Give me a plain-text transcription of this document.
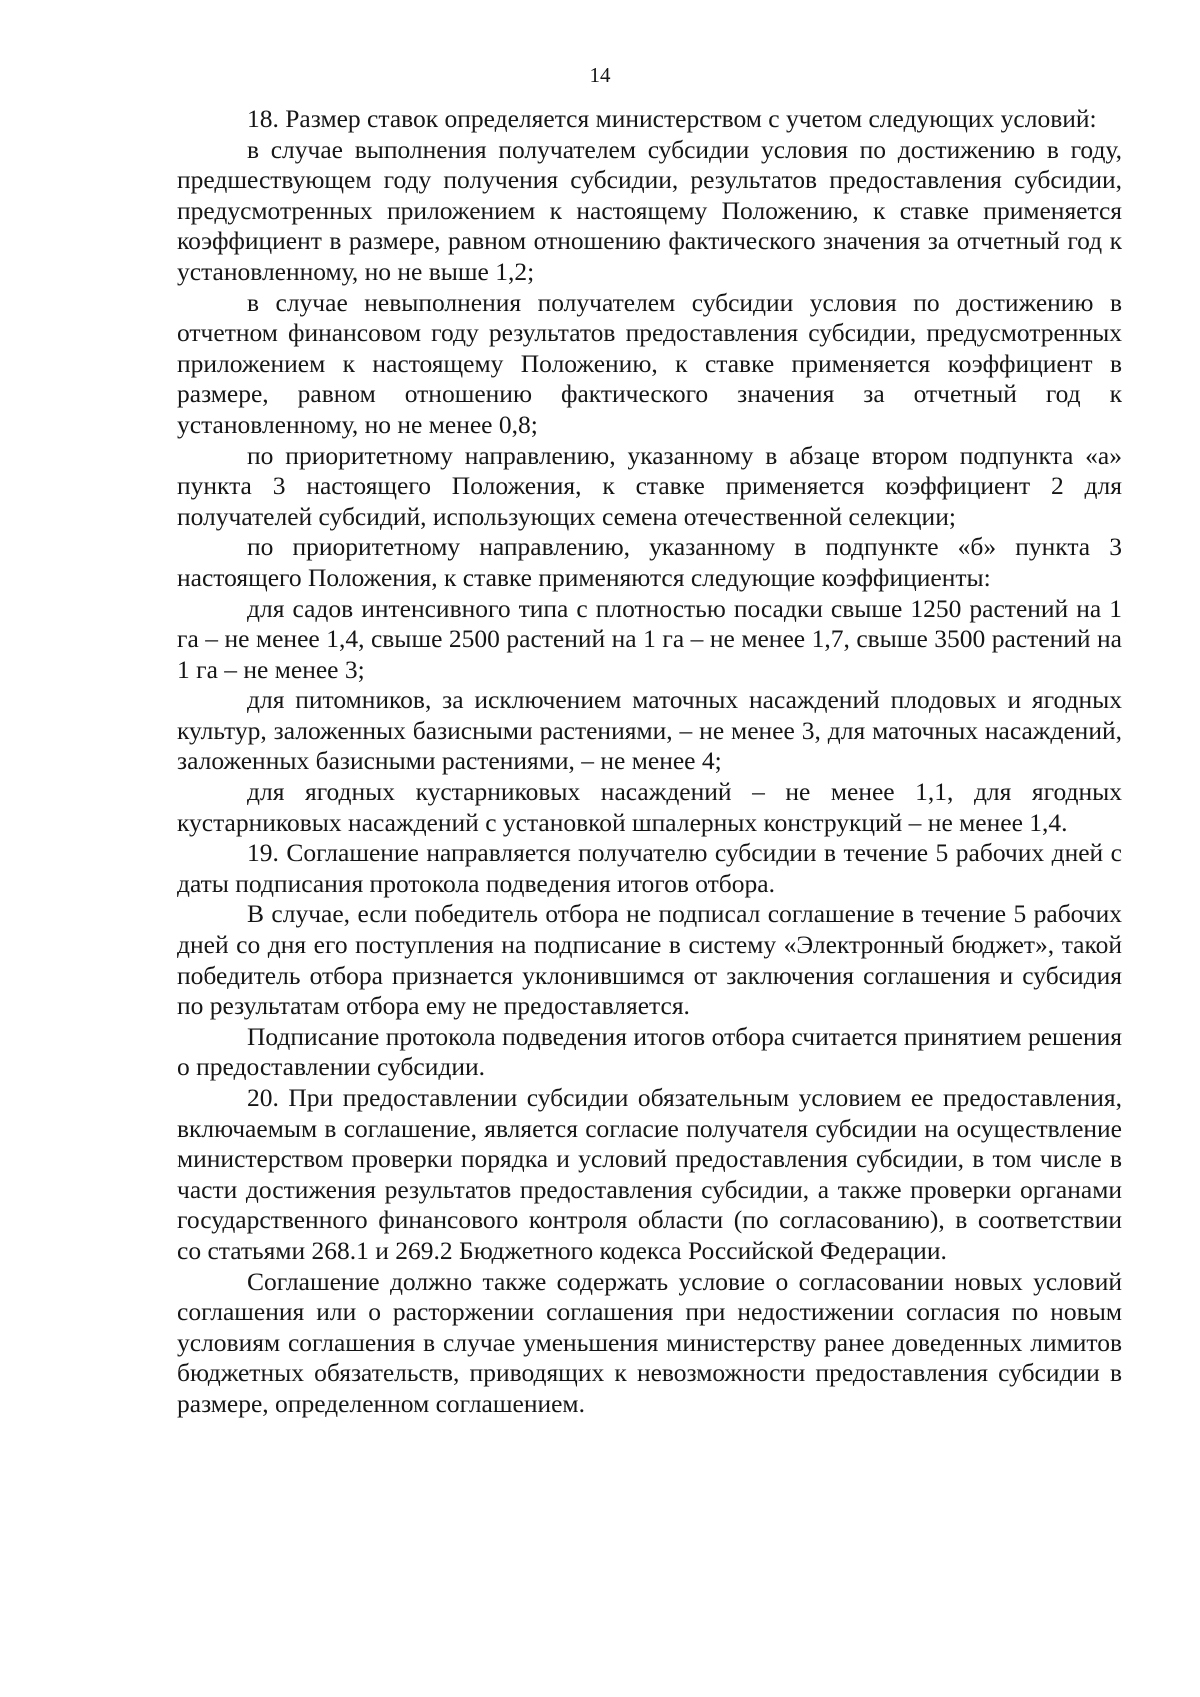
14

18. Размер ставок определяется министерством с учетом следующих условий:

в случае выполнения получателем субсидии условия по достижению в году, предшествующем году получения субсидии, результатов предоставления субсидии, предусмотренных приложением к настоящему Положению, к ставке применяется коэффициент в размере, равном отношению фактического значения за отчетный год к установленному, но не выше 1,2;

в случае невыполнения получателем субсидии условия по достижению в отчетном финансовом году результатов предоставления субсидии, предусмотренных приложением к настоящему Положению, к ставке применяется коэффициент в размере, равном отношению фактического значения за отчетный год к установленному, но не менее 0,8;

по приоритетному направлению, указанному в абзаце втором подпункта «а» пункта 3 настоящего Положения, к ставке применяется коэффициент 2 для получателей субсидий, использующих семена отечественной селекции;

по приоритетному направлению, указанному в подпункте «б» пункта 3 настоящего Положения, к ставке применяются следующие коэффициенты:

для садов интенсивного типа с плотностью посадки свыше 1250 растений на 1 га – не менее 1,4, свыше 2500 растений на 1 га – не менее 1,7, свыше 3500 растений на 1 га – не менее 3;

для питомников, за исключением маточных насаждений плодовых и ягодных культур, заложенных базисными растениями, – не менее 3, для маточных насаждений, заложенных базисными растениями, – не менее 4;

для ягодных кустарниковых насаждений – не менее 1,1, для ягодных кустарниковых насаждений с установкой шпалерных конструкций – не менее 1,4.

19. Соглашение направляется получателю субсидии в течение 5 рабочих дней с даты подписания протокола подведения итогов отбора.

В случае, если победитель отбора не подписал соглашение в течение 5 рабочих дней со дня его поступления на подписание в систему «Электронный бюджет», такой победитель отбора признается уклонившимся от заключения соглашения и субсидия по результатам отбора ему не предоставляется.

Подписание протокола подведения итогов отбора считается принятием решения о предоставлении субсидии.

20. При предоставлении субсидии обязательным условием ее предоставления, включаемым в соглашение, является согласие получателя субсидии на осуществление министерством проверки порядка и условий предоставления субсидии, в том числе в части достижения результатов предоставления субсидии, а также проверки органами государственного финансового контроля области (по согласованию), в соответствии со статьями 268.1 и 269.2 Бюджетного кодекса Российской Федерации.

Соглашение должно также содержать условие о согласовании новых условий соглашения или о расторжении соглашения при недостижении согласия по новым условиям соглашения в случае уменьшения министерству ранее доведенных лимитов бюджетных обязательств, приводящих к невозможности предоставления субсидии в размере, определенном соглашением.
